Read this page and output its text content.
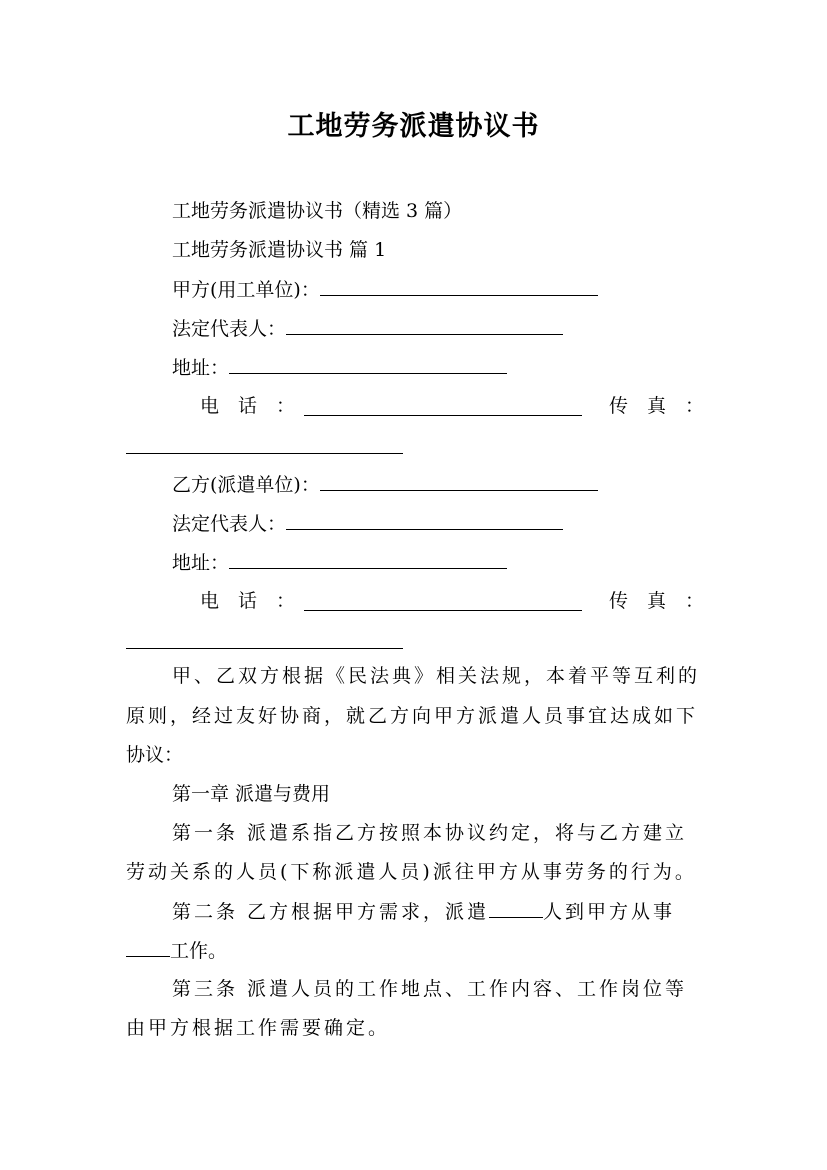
工地劳务派遣协议书
工地劳务派遣协议书（精选 3 篇）
工地劳务派遣协议书 篇 1
甲方(用工单位)：
法定代表人：
地址：
电　话　：	传　真　：
乙方(派遣单位)：
法定代表人：
地址：
电　话　：	传　真　：
甲、乙双方根据《民法典》相关法规，本着平等互利的
原则，经过友好协商，就乙方向甲方派遣人员事宜达成如下
协议：
第一章 派遣与费用
第一条 派遣系指乙方按照本协议约定，将与乙方建立
劳动关系的人员(下称派遣人员)派往甲方从事劳务的行为。
第二条 乙方根据甲方需求，派遣	人到甲方从事
工作。
第三条 派遣人员的工作地点、工作内容、工作岗位等
由甲方根据工作需要确定。
